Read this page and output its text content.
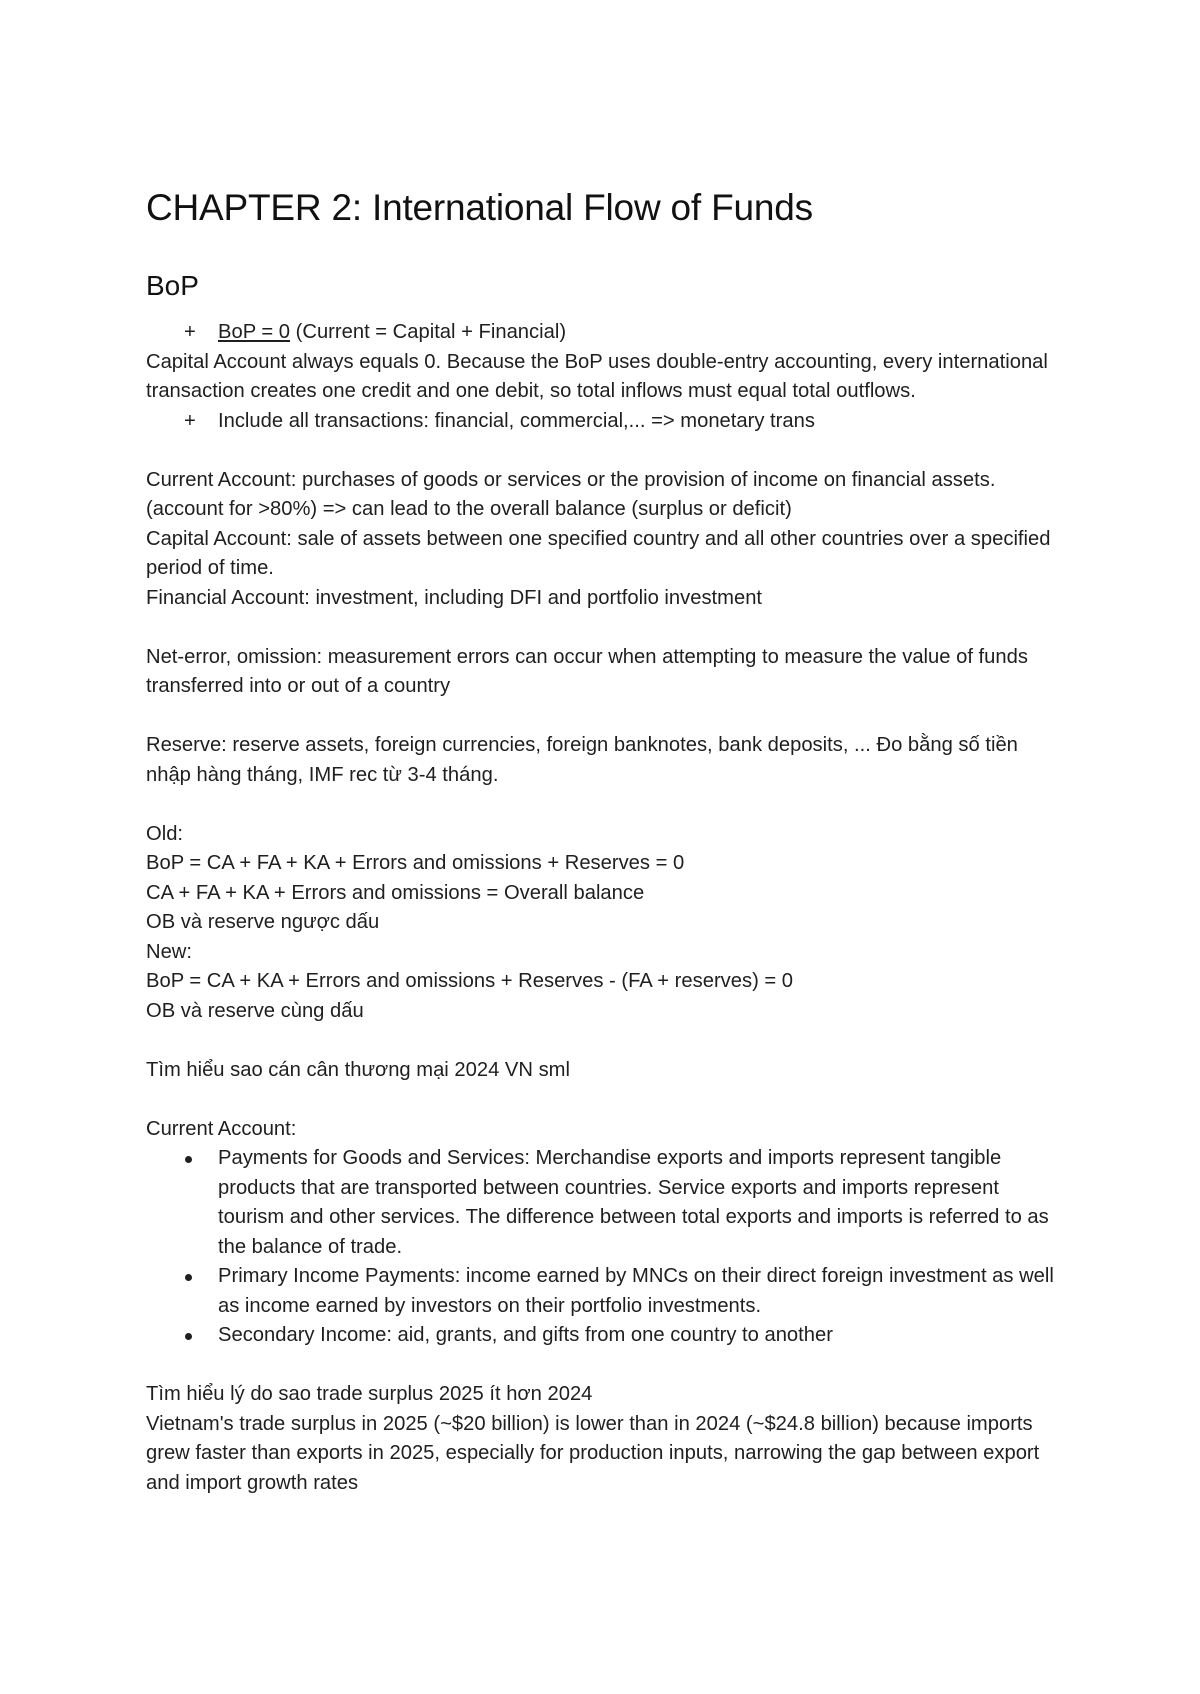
CHAPTER 2: International Flow of Funds
BoP
+ BoP = 0 (Current = Capital + Financial)

Capital Account always equals 0. Because the BoP uses double-entry accounting, every international transaction creates one credit and one debit, so total inflows must equal total outflows.

+ Include all transactions: financial, commercial,... => monetary trans

Current Account: purchases of goods or services or the provision of income on financial assets. (account for >80%) => can lead to the overall balance (surplus or deficit)

Capital Account: sale of assets between one specified country and all other countries over a specified period of time.

Financial Account: investment, including DFI and portfolio investment

Net-error, omission: measurement errors can occur when attempting to measure the value of funds transferred into or out of a country

Reserve: reserve assets, foreign currencies, foreign banknotes, bank deposits, ... Đo bằng số tiền nhập hàng tháng, IMF rec từ 3-4 tháng.

Old:

BoP = CA + FA + KA + Errors and omissions + Reserves = 0

CA + FA + KA + Errors and omissions = Overall balance

OB và reserve ngược dấu

New:

BoP = CA + KA + Errors and omissions + Reserves - (FA + reserves) = 0

OB và reserve cùng dấu

Tìm hiểu sao cán cân thương mại 2024 VN sml

Current Account:

Payments for Goods and Services: Merchandise exports and imports represent tangible products that are transported between countries. Service exports and imports represent tourism and other services. The difference between total exports and imports is referred to as the balance of trade.
Primary Income Payments: income earned by MNCs on their direct foreign investment as well as income earned by investors on their portfolio investments.
Secondary Income: aid, grants, and gifts from one country to another

Tìm hiểu lý do sao trade surplus 2025 ít hơn 2024

Vietnam's trade surplus in 2025 (~$20 billion) is lower than in 2024 (~$24.8 billion) because imports grew faster than exports in 2025, especially for production inputs, narrowing the gap between export and import growth rates
